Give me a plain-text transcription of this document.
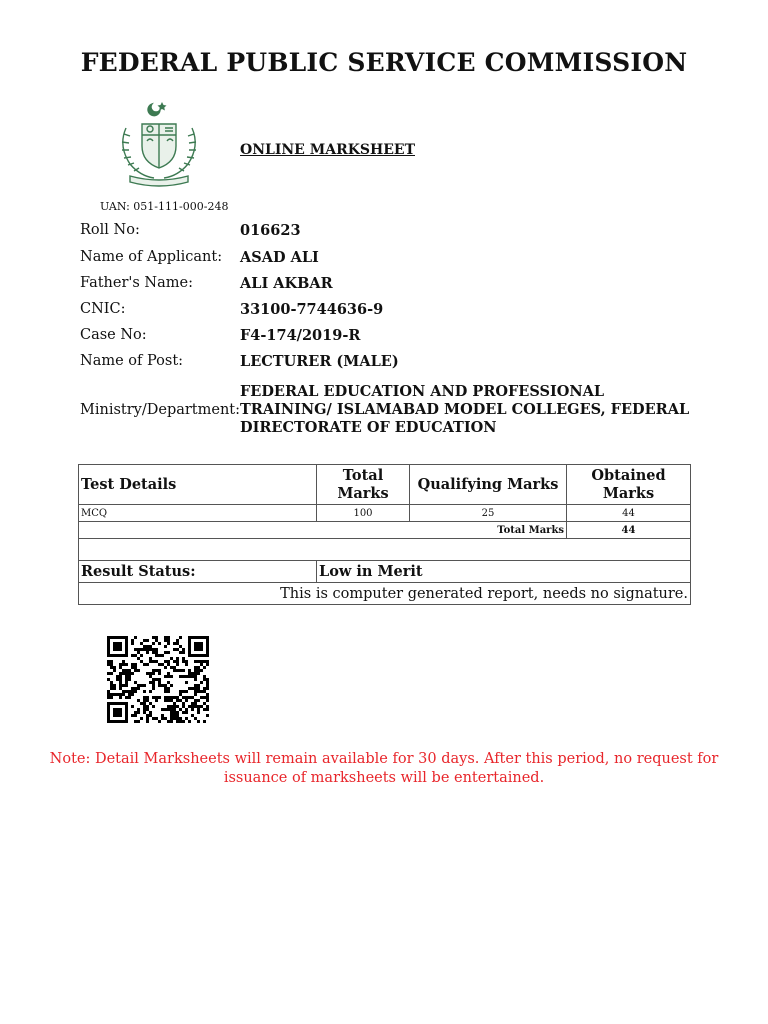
FEDERAL PUBLIC SERVICE COMMISSION
ONLINE MARKSHEET
UAN: 051-111-000-248
Roll No:	016623
Name of Applicant:	ASAD ALI
Father's Name:	ALI AKBAR
CNIC:	33100-7744636-9
Case No:	F4-174/2019-R
Name of Post:	LECTURER (MALE)
Ministry/Department:
FEDERAL EDUCATION AND PROFESSIONAL TRAINING/ ISLAMABAD MODEL COLLEGES, FEDERAL DIRECTORATE OF EDUCATION
Test Details	Total Marks	Qualifying Marks	Obtained Marks
MCQ	100	25	44
Total Marks			44

Result Status:	Low in Merit		
This is computer generated report, needs no signature.			
Note: Detail Marksheets will remain available for 30 days. After this period, no request for issuance of marksheets will be entertained.
